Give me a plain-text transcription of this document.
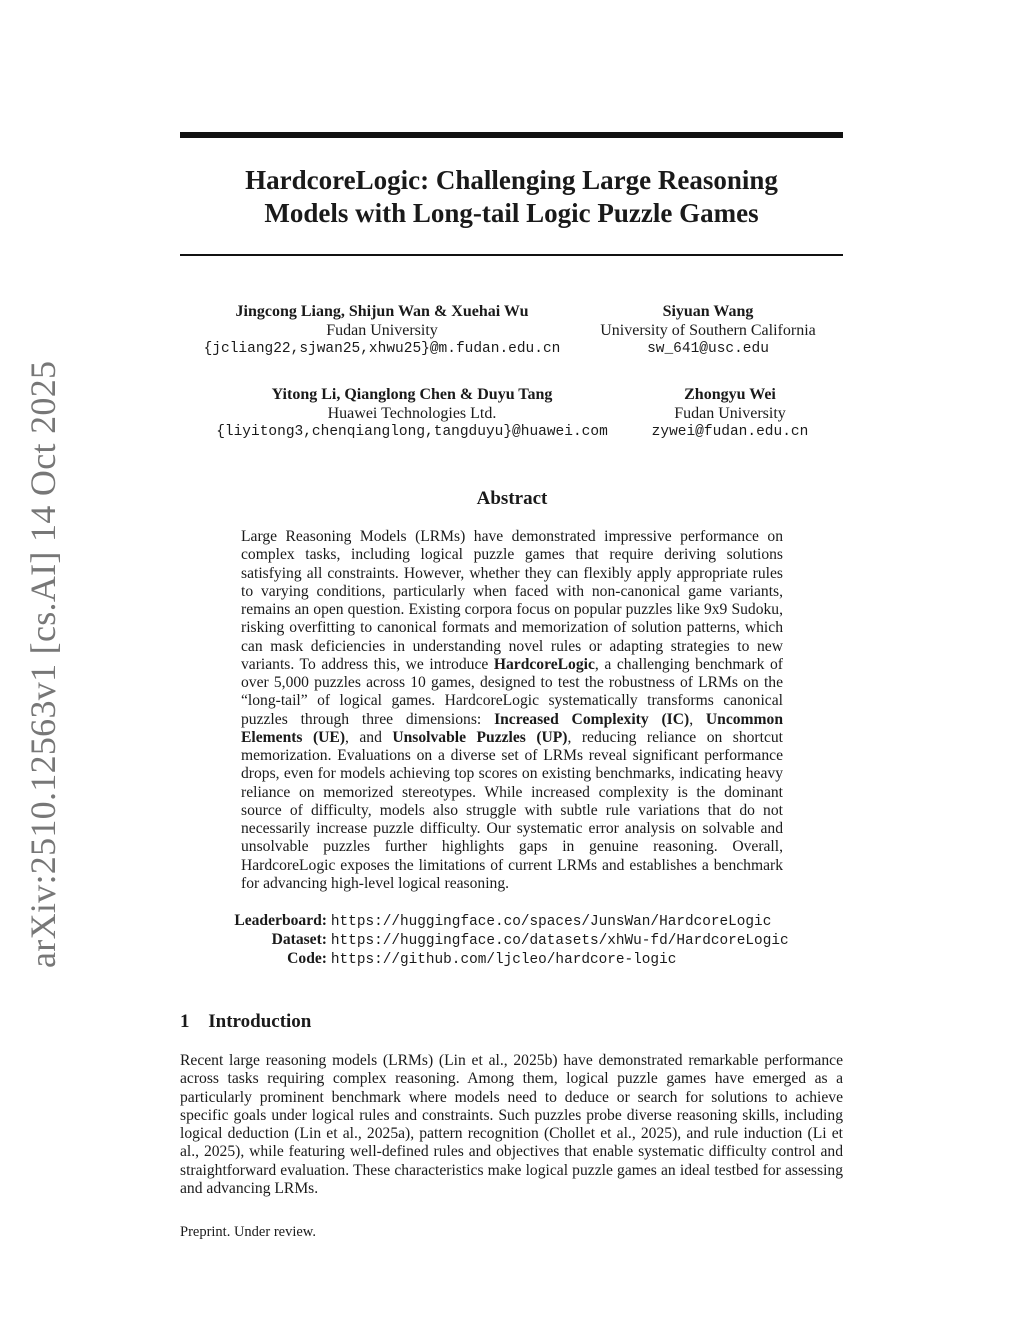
arXiv:2510.12563v1 [cs.AI] 14 Oct 2025
HardcoreLogic: Challenging Large Reasoning
Models with Long-tail Logic Puzzle Games
Jingcong Liang, Shijun Wan & Xuehai Wu
Fudan University
{jcliang22,sjwan25,xhwu25}@m.fudan.edu.cn
Siyuan Wang
University of Southern California
sw_641@usc.edu
Yitong Li, Qianglong Chen & Duyu Tang
Huawei Technologies Ltd.
{liyitong3,chenqianglong,tangduyu}@huawei.com
Zhongyu Wei
Fudan University
zywei@fudan.edu.cn
Abstract
Large Reasoning Models (LRMs) have demonstrated impressive performance on complex tasks, including logical puzzle games that require deriving solutions satisfying all constraints. However, whether they can flexibly apply appropriate rules to varying conditions, particularly when faced with non-canonical game variants, remains an open question. Existing corpora focus on popular puzzles like 9x9 Sudoku, risking overfitting to canonical formats and memorization of solution patterns, which can mask deficiencies in understanding novel rules or adapting strategies to new variants. To address this, we introduce HardcoreLogic, a challenging benchmark of over 5,000 puzzles across 10 games, designed to test the robustness of LRMs on the “long-tail” of logical games. HardcoreLogic systematically transforms canonical puzzles through three dimensions: Increased Complexity (IC), Uncommon Elements (UE), and Unsolvable Puzzles (UP), reducing reliance on shortcut memorization. Evaluations on a diverse set of LRMs reveal significant performance drops, even for models achieving top scores on existing benchmarks, indicating heavy reliance on memorized stereotypes. While increased complexity is the dominant source of difficulty, models also struggle with subtle rule variations that do not necessarily increase puzzle difficulty. Our systematic error analysis on solvable and unsolvable puzzles further highlights gaps in genuine reasoning. Overall, HardcoreLogic exposes the limitations of current LRMs and establishes a benchmark for advancing high-level logical reasoning.
Leaderboard: https://huggingface.co/spaces/JunsWan/HardcoreLogic
Dataset: https://huggingface.co/datasets/xhWu-fd/HardcoreLogic
Code: https://github.com/ljcleo/hardcore-logic
1 Introduction
Recent large reasoning models (LRMs) (Lin et al., 2025b) have demonstrated remarkable performance across tasks requiring complex reasoning. Among them, logical puzzle games have emerged as a particularly prominent benchmark where models need to deduce or search for solutions to achieve specific goals under logical rules and constraints. Such puzzles probe diverse reasoning skills, including logical deduction (Lin et al., 2025a), pattern recognition (Chollet et al., 2025), and rule induction (Li et al., 2025), while featuring well-defined rules and objectives that enable systematic difficulty control and straightforward evaluation. These characteristics make logical puzzle games an ideal testbed for assessing and advancing LRMs.
Preprint. Under review.
